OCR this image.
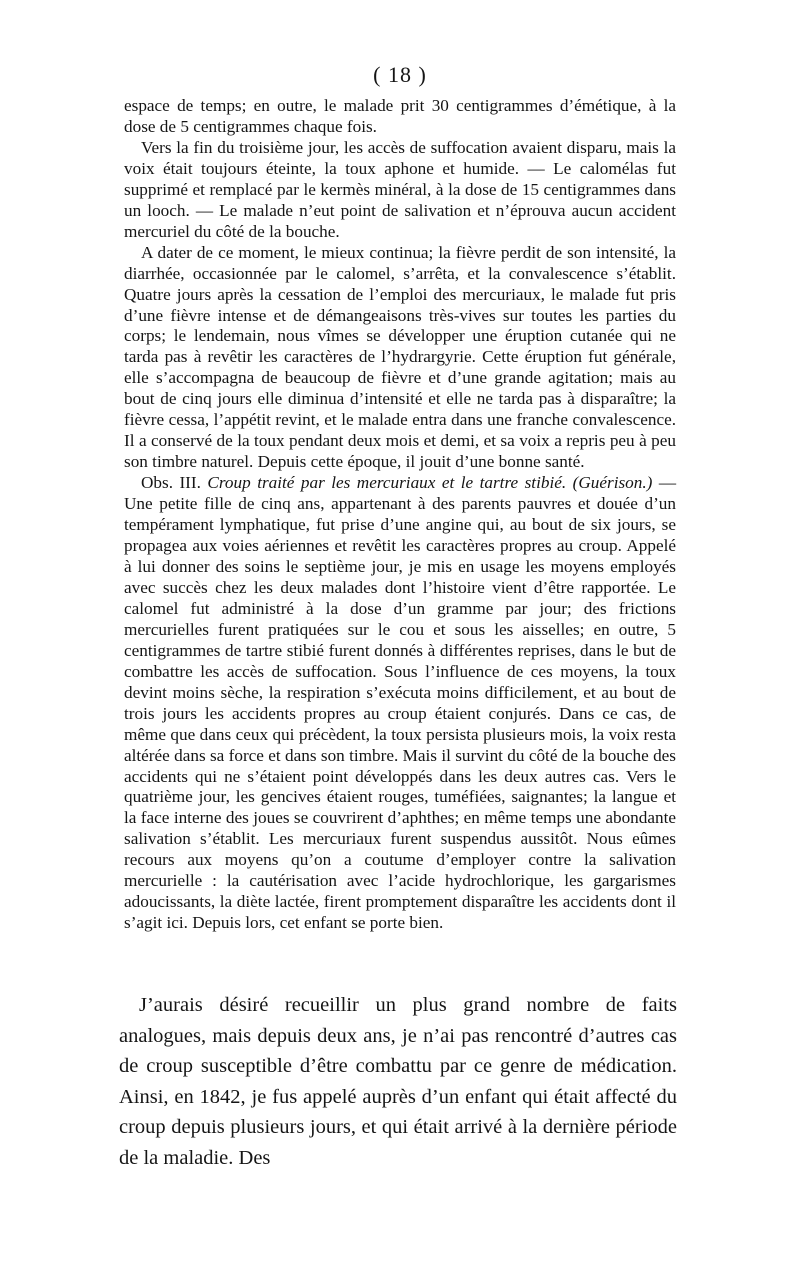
( 18 )

espace de temps; en outre, le malade prit 30 centigrammes d’émétique, à la dose de 5 centigrammes chaque fois.

Vers la fin du troisième jour, les accès de suffocation avaient disparu, mais la voix était toujours éteinte, la toux aphone et humide. — Le calomélas fut supprimé et remplacé par le kermès minéral, à la dose de 15 centigrammes dans un looch. — Le malade n’eut point de salivation et n’éprouva aucun accident mercuriel du côté de la bouche.

A dater de ce moment, le mieux continua; la fièvre perdit de son intensité, la diarrhée, occasionnée par le calomel, s’arrêta, et la convalescence s’établit. Quatre jours après la cessation de l’emploi des mercuriaux, le malade fut pris d’une fièvre intense et de démangeaisons très-vives sur toutes les parties du corps; le lendemain, nous vîmes se développer une éruption cutanée qui ne tarda pas à revêtir les caractères de l’hydrargyrie. Cette éruption fut générale, elle s’accompagna de beaucoup de fièvre et d’une grande agitation; mais au bout de cinq jours elle diminua d’intensité et elle ne tarda pas à disparaître; la fièvre cessa, l’appétit revint, et le malade entra dans une franche convalescence. Il a conservé de la toux pendant deux mois et demi, et sa voix a repris peu à peu son timbre naturel. Depuis cette époque, il jouit d’une bonne santé.

Obs. III. Croup traité par les mercuriaux et le tartre stibié. (Guérison.) — Une petite fille de cinq ans, appartenant à des parents pauvres et douée d’un tempérament lymphatique, fut prise d’une angine qui, au bout de six jours, se propagea aux voies aériennes et revêtit les caractères propres au croup. Appelé à lui donner des soins le septième jour, je mis en usage les moyens employés avec succès chez les deux malades dont l’histoire vient d’être rapportée. Le calomel fut administré à la dose d’un gramme par jour; des frictions mercurielles furent pratiquées sur le cou et sous les aisselles; en outre, 5 centigrammes de tartre stibié furent donnés à différentes reprises, dans le but de combattre les accès de suffocation. Sous l’influence de ces moyens, la toux devint moins sèche, la respiration s’exécuta moins difficilement, et au bout de trois jours les accidents propres au croup étaient conjurés. Dans ce cas, de même que dans ceux qui précèdent, la toux persista plusieurs mois, la voix resta altérée dans sa force et dans son timbre. Mais il survint du côté de la bouche des accidents qui ne s’étaient point développés dans les deux autres cas. Vers le quatrième jour, les gencives étaient rouges, tuméfiées, saignantes; la langue et la face interne des joues se couvrirent d’aphthes; en même temps une abondante salivation s’établit. Les mercuriaux furent suspendus aussitôt. Nous eûmes recours aux moyens qu’on a coutume d’employer contre la salivation mercurielle : la cautérisation avec l’acide hydrochlorique, les gargarismes adoucissants, la diète lactée, firent promptement disparaître les accidents dont il s’agit ici. Depuis lors, cet enfant se porte bien.

J’aurais désiré recueillir un plus grand nombre de faits analogues, mais depuis deux ans, je n’ai pas rencontré d’autres cas de croup susceptible d’être combattu par ce genre de médication. Ainsi, en 1842, je fus appelé auprès d’un enfant qui était affecté du croup depuis plusieurs jours, et qui était arrivé à la dernière période de la maladie. Des
